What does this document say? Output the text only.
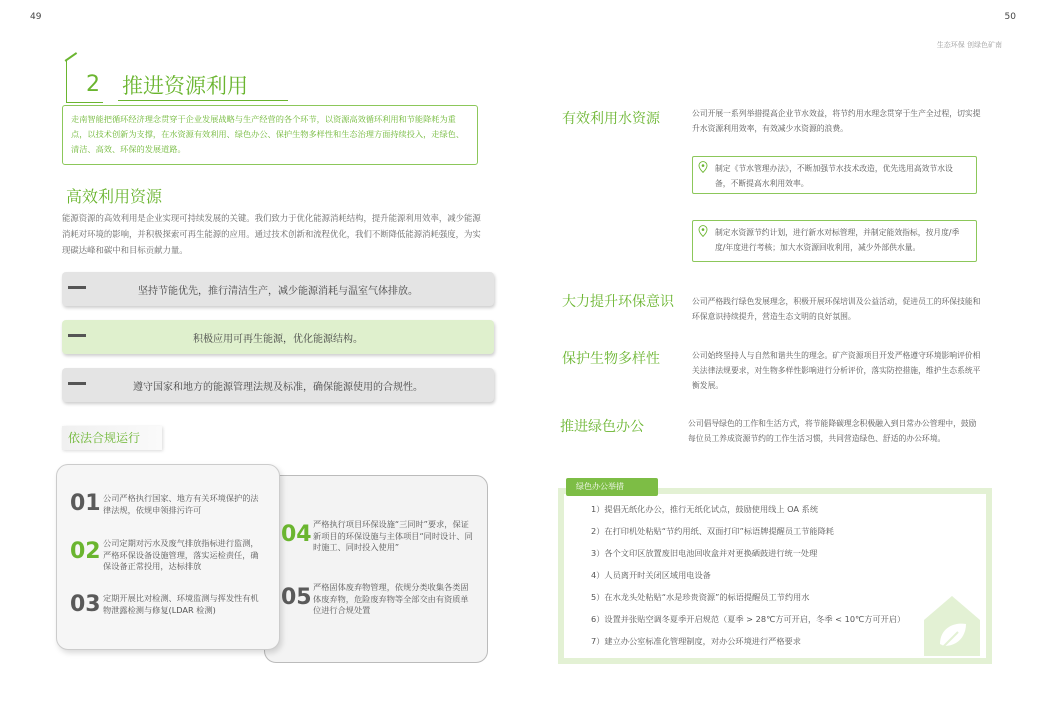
49	50
生态环保 创绿色矿南
2 推进资源利用
走南智能把循环经济理念贯穿于企业发展战略与生产经营的各个环节，以资源高效循环利用和节能降耗为重点，以技术创新为支撑，在水资源有效利用、绿色办公、保护生物多样性和生态治理方面持续投入，走绿色、清洁、高效、环保的发展道路。
高效利用资源
能源资源的高效利用是企业实现可持续发展的关键。我们致力于优化能源消耗结构，提升能源利用效率，减少能源消耗对环境的影响，并积极探索可再生能源的应用。通过技术创新和流程优化，我们不断降低能源消耗强度，为实现碳达峰和碳中和目标贡献力量。
坚持节能优先，推行清洁生产，减少能源消耗与温室气体排放。
积极应用可再生能源，优化能源结构。
遵守国家和地方的能源管理法规及标准，确保能源使用的合规性。
依法合规运行
01 公司严格执行国家、地方有关环境保护的法律法规，依规申领排污许可
02 公司定期对污水及废气排放指标进行监测，严格环保设备设施管理，落实运检责任，确保设备正常投用，达标排放
03 定期开展比对检测、环境监测与挥发性有机物泄露检测与修复(LDAR 检测)
04 严格执行项目环保设施“三同时”要求，保证新项目的环保设施与主体项目“同时设计、同时施工、同时投入使用”
05 严格固体废弃物管理，依规分类收集各类固体废弃物，危险废弃物等全部交由有资质单位进行合规处置
有效利用水资源	公司开展一系列举措提高企业节水效益，将节约用水理念贯穿于生产全过程，切实提升水资源利用效率，有效减少水资源的浪费。
制定《节水管理办法》，不断加强节水技术改造，优先选用高效节水设备，不断提高水利用效率。
制定水资源节约计划，进行新水对标管理，并制定能效指标，按月度/季度/年度进行考核；加大水资源回收利用，减少外部供水量。
大力提升环保意识 公司严格践行绿色发展理念，积极开展环保培训及公益活动，促进员工的环保技能和环保意识持续提升，营造生态文明的良好氛围。
保护生物多样性	公司始终坚持人与自然和谐共生的理念。矿产资源项目开发严格遵守环境影响评价相关法律法规要求，对生物多样性影响进行分析评价，落实防控措施，维护生态系统平衡发展。
推进绿色办公	公司倡导绿色的工作和生活方式，将节能降碳理念积极融入到日常办公管理中，鼓励每位员工养成资源节约的工作生活习惯，共同营造绿色、舒适的办公环境。
绿色办公举措
1）提倡无纸化办公，推行无纸化试点，鼓励使用线上 OA 系统
2）在打印机处粘贴“节约用纸、双面打印”标语牌提醒员工节能降耗
3）各个文印区放置废旧电池回收盒并对更换硒鼓进行统一处理
4）人员离开时关闭区域用电设备
5）在水龙头处粘贴“水是珍贵资源”的标语提醒员工节约用水
6）设置并张贴空调冬夏季开启规范（夏季 > 28℃方可开启，冬季 < 10℃方可开启）
7）建立办公室标准化管理制度，对办公环境进行严格要求
